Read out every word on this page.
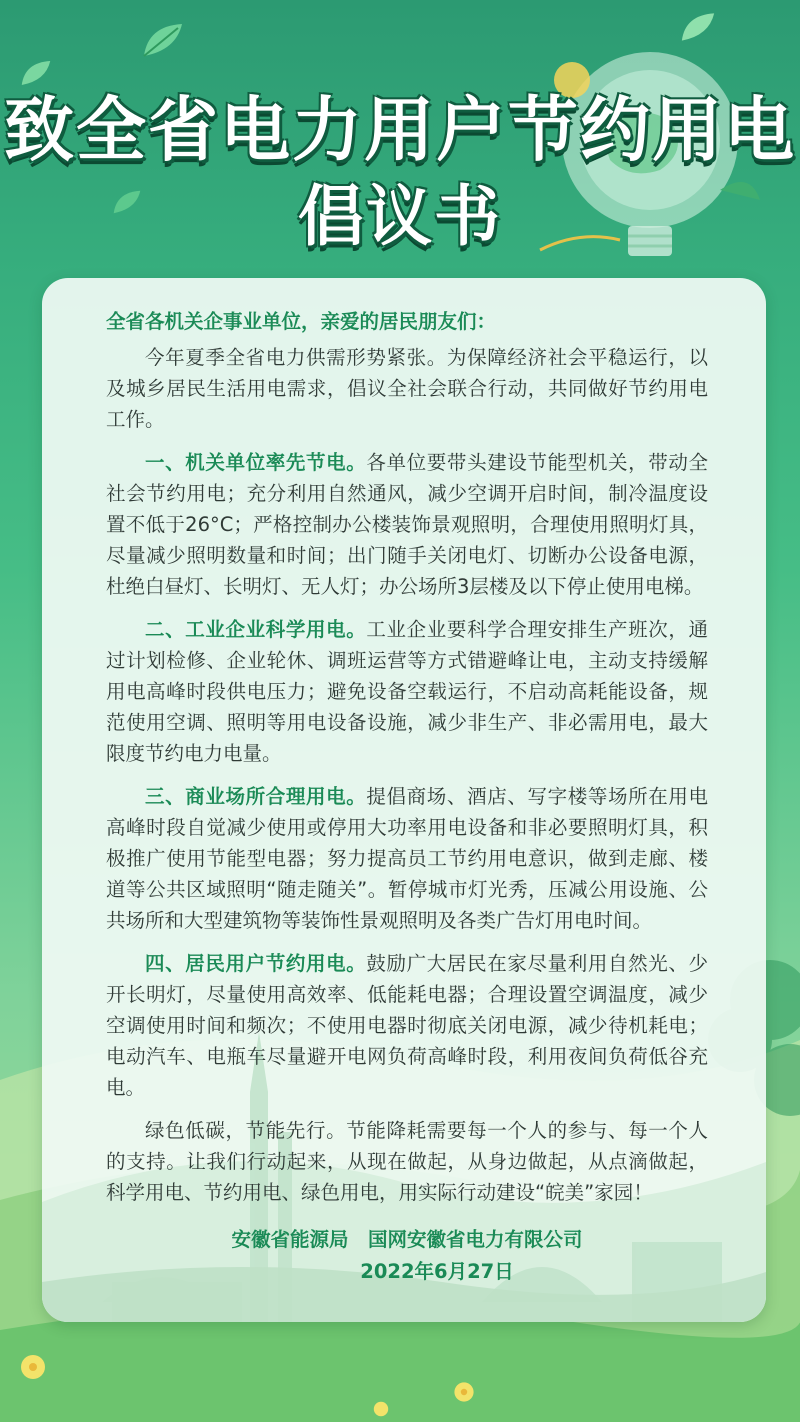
致全省电力用户节约用电
倡议书

全省各机关企事业单位，亲爱的居民朋友们：

今年夏季全省电力供需形势紧张。为保障经济社会平稳运行，以及城乡居民生活用电需求，倡议全社会联合行动，共同做好节约用电工作。

一、机关单位率先节电。各单位要带头建设节能型机关，带动全社会节约用电；充分利用自然通风，减少空调开启时间，制冷温度设置不低于26°C；严格控制办公楼装饰景观照明，合理使用照明灯具，尽量减少照明数量和时间；出门随手关闭电灯、切断办公设备电源，杜绝白昼灯、长明灯、无人灯；办公场所3层楼及以下停止使用电梯。

二、工业企业科学用电。工业企业要科学合理安排生产班次，通过计划检修、企业轮休、调班运营等方式错避峰让电，主动支持缓解用电高峰时段供电压力；避免设备空载运行，不启动高耗能设备，规范使用空调、照明等用电设备设施，减少非生产、非必需用电，最大限度节约电力电量。

三、商业场所合理用电。提倡商场、酒店、写字楼等场所在用电高峰时段自觉减少使用或停用大功率用电设备和非必要照明灯具，积极推广使用节能型电器；努力提高员工节约用电意识，做到走廊、楼道等公共区域照明“随走随关”。暂停城市灯光秀，压减公用设施、公共场所和大型建筑物等装饰性景观照明及各类广告灯用电时间。

四、居民用户节约用电。鼓励广大居民在家尽量利用自然光、少开长明灯，尽量使用高效率、低能耗电器；合理设置空调温度，减少空调使用时间和频次；不使用电器时彻底关闭电源，减少待机耗电；电动汽车、电瓶车尽量避开电网负荷高峰时段，利用夜间负荷低谷充电。

绿色低碳，节能先行。节能降耗需要每一个人的参与、每一个人的支持。让我们行动起来，从现在做起，从身边做起，从点滴做起，科学用电、节约用电、绿色用电，用实际行动建设“皖美”家园！

安徽省能源局　国网安徽省电力有限公司

2022年6月27日
